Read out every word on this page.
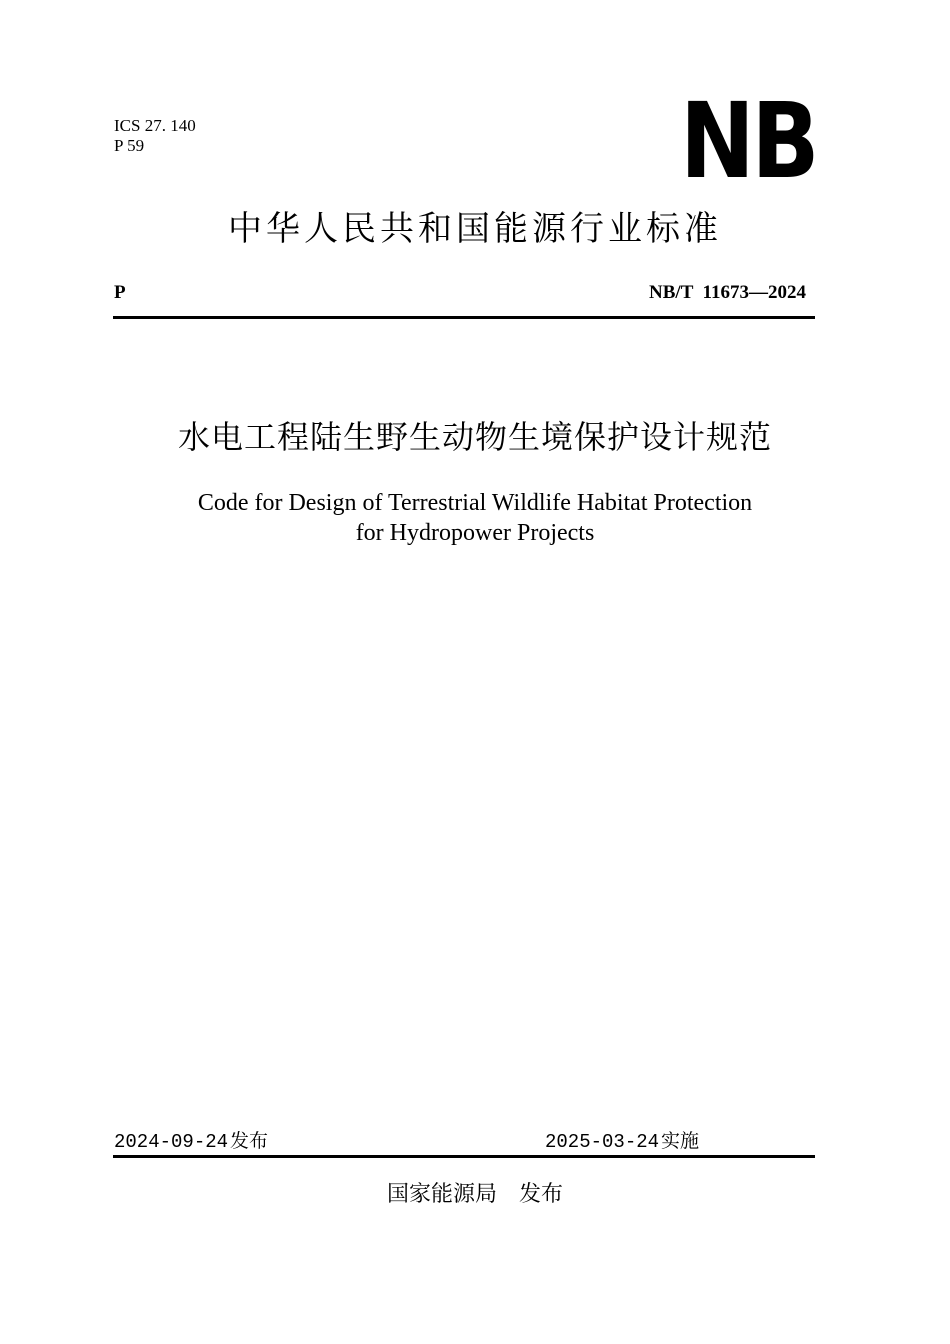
ICS 27. 140
P 59	NB
中华人民共和国能源行业标准
P	NB/T  11673—2024
水电工程陆生野生动物生境保护设计规范
Code for Design of Terrestrial Wildlife Habitat Protection
for Hydropower Projects
2024-09-24 发布	2025-03-24 实施
国家能源局　发布
